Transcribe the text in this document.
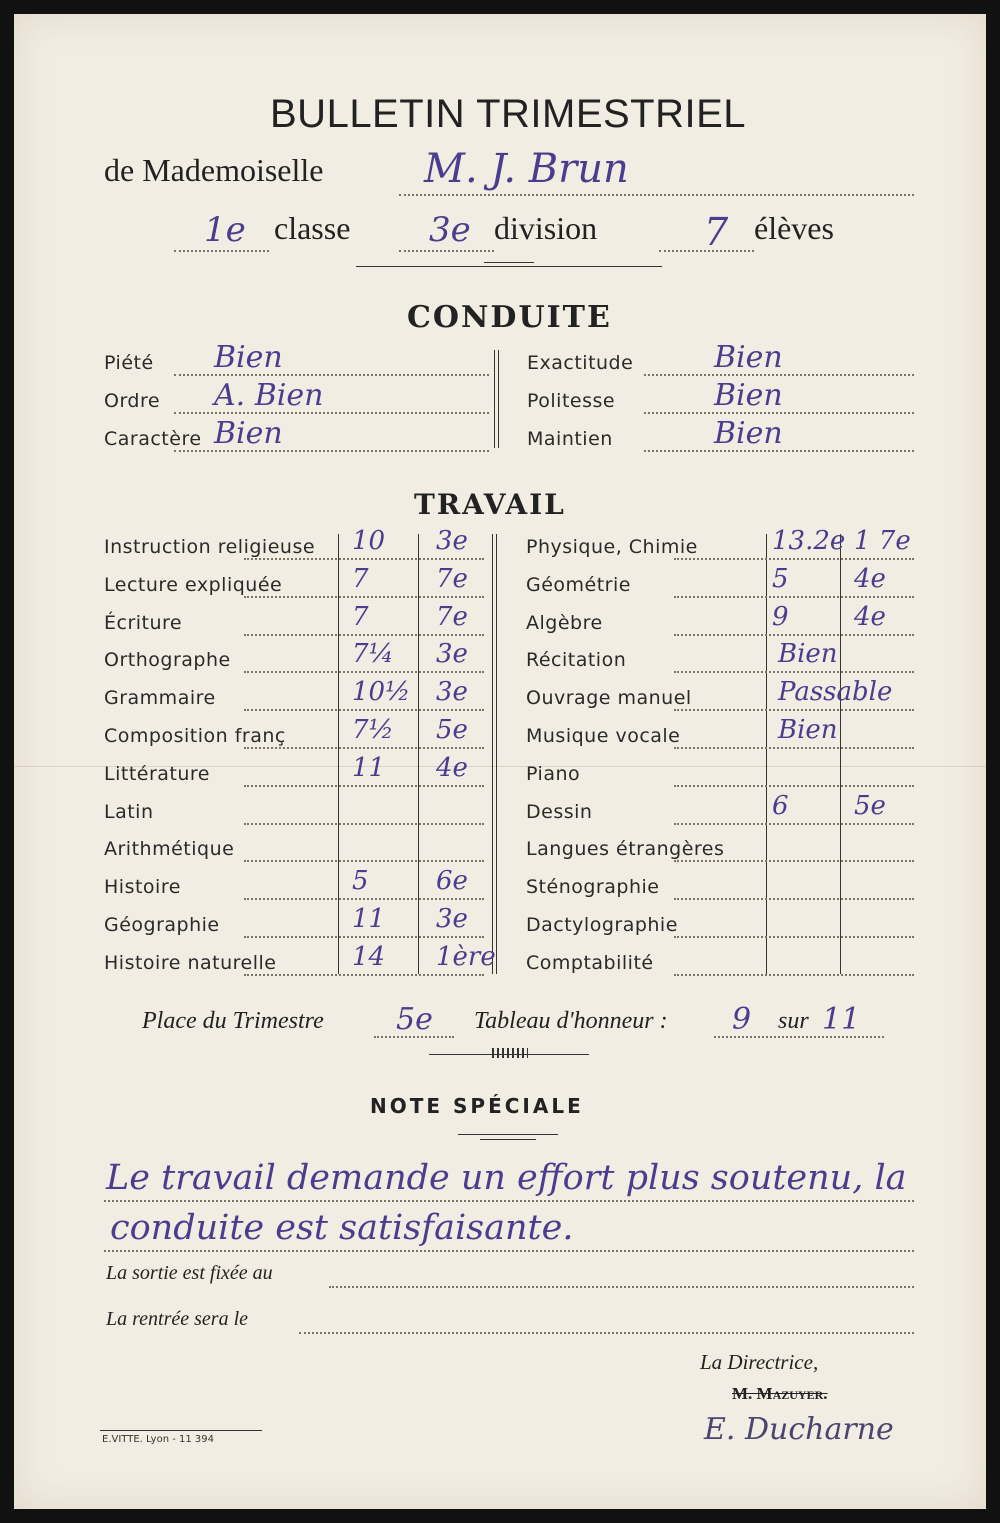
BULLETIN TRIMESTRIEL
de Mademoiselle	M. J. Brun
1e classe 3e division	7 élèves
CONDUITE
Piété Bien
Ordre A. Bien
Caractère Bien
Exactitude	Bien
Politesse	Bien
Maintien	Bien
TRAVAIL
Instruction religieuse 10 3e
Lecture expliquée	7	7e
Écriture	7	7e
Orthographe	7¼ 3e
Grammaire	10½ 3e
Composition franç	7½ 5e
Littérature	11 4e
Latin
Arithmétique
Histoire	5	6e
Géographie	11 3e
Histoire naturelle	14 1ère
Physique, Chimie	13.2e 1 7e
Géométrie	5	4e
Algèbre	9	4e
Récitation	Bien
Ouvrage manuel	Passable
Musique vocale	Bien
Piano
Dessin	6	5e
Langues étrangères
Sténographie
Dactylographie
Comptabilité
Place du Trimestre 5e Tableau d'honneur : 9 sur 11
NOTE SPÉCIALE
Le travail demande un effort plus soutenu, la
conduite est satisfaisante.
La sortie est fixée au
La rentrée sera le
La Directrice,
M. Mazuyer.
E. Ducharne
E.VITTE. Lyon - 11 394
